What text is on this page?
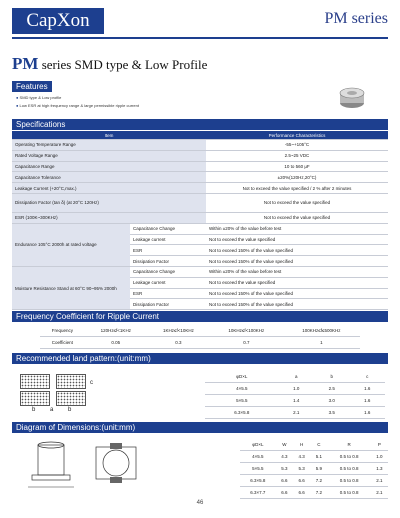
CapXon	PM series
PM series SMD type & Low Profile
Features
● SMD type & Low profile
● Low ESR at high frequency range & large permissible ripple current
Specifications
Item		Performance Characteristics
Operating Temperature Range		-55~+105°C
Rated Voltage Range		2.5~25 VDC
Capacitance Range		10 to 560 μF
Capacitance Tolerance		±20%(120Hz,20°C)
Leakage Current (+20°C,max.)		Not to exceed the value specified / 2 % after 2 minutes
Dissipation Factor (tan δ) (at 20°C 120Hz)		Not to exceed the value specified
ESR (100K~300KHz)		Not to exceed the value specified
Endurance 105°C 2000h at rated voltage	Capacitance Change	Within ±20% of the value before test
	Leakage current	Not to exceed the value specified
	ESR	Not to exceed 150% of the value specified
	Dissipation Factor	Not to exceed 150% of the value specified
Moisture Resistance Stand at 60°C 90~95% 2000h	Capacitance Change	Within ±20% of the value before test
	Leakage current	Not to exceed the value specified
	ESR	Not to exceed 150% of the value specified
	Dissipation Factor	Not to exceed 150% of the value specified
Frequency Coefficient for Ripple Current
Frequency	120Hz≤f<1KHz	1KHz≤f<10KHz	10KHz≤f<100KHz	100KHz≤f≤500KHz
Coefficient	0.05	0.3	0.7	1
Recommended land pattern:(unit:mm)
c
b a b
φD×L	a	b	c
4×5.5	1.0	2.5	1.6
5×5.5	1.4	3.0	1.6
6.3×5.8	2.1	3.5	1.6

Diagram of Dimensions:(unit:mm)
φD×L	W	H	C	R	P
4×5.5	4.3	4.3	5.1	0.5 to 0.8	1.0
5×5.5	5.3	5.3	5.9	0.5 to 0.8	1.3
6.3×5.8	6.6	6.6	7.2	0.5 to 0.8	2.1
6.3×7.7	6.6	6.6	7.2	0.5 to 0.8	2.1
46
